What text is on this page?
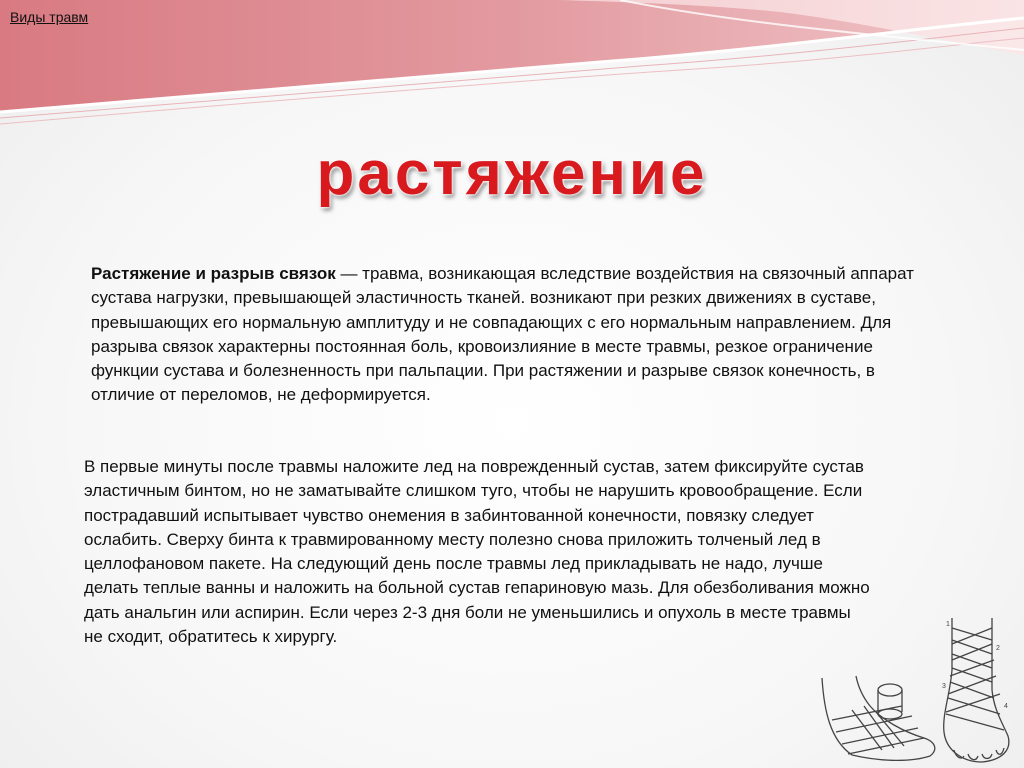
Виды травм
растяжение
Растяжение и разрыв связок — травма, возникающая вследствие воздействия на связочный аппарат сустава нагрузки, превышающей эластичность тканей. возникают при резких движениях в суставе, превышающих его нормальную амплитуду и не совпадающих с его нормальным направлением. Для разрыва связок характерны постоянная боль, кровоизлияние в месте травмы, резкое ограничение функции сустава и болезненность при пальпации. При растяжении и разрыве связок конечность, в отличие от переломов, не деформируется.
В первые минуты после травмы наложите лед на поврежденный сустав, затем фиксируйте сустав эластичным бинтом, но не заматывайте слишком туго, чтобы не нарушить кровообращение. Если пострадавший испытывает чувство онемения в забинтованной конечности, повязку следует ослабить. Сверху бинта к травмированному месту полезно снова приложить толченый лед в целлофановом пакете. На следующий день после травмы лед прикладывать не надо, лучше делать теплые ванны и наложить на больной сустав гепариновую мазь. Для обезболивания можно дать анальгин или аспирин. Если через 2-3 дня боли не уменьшились и опухоль в месте травмы не сходит, обратитесь к хирургу.
1
2
3
4
